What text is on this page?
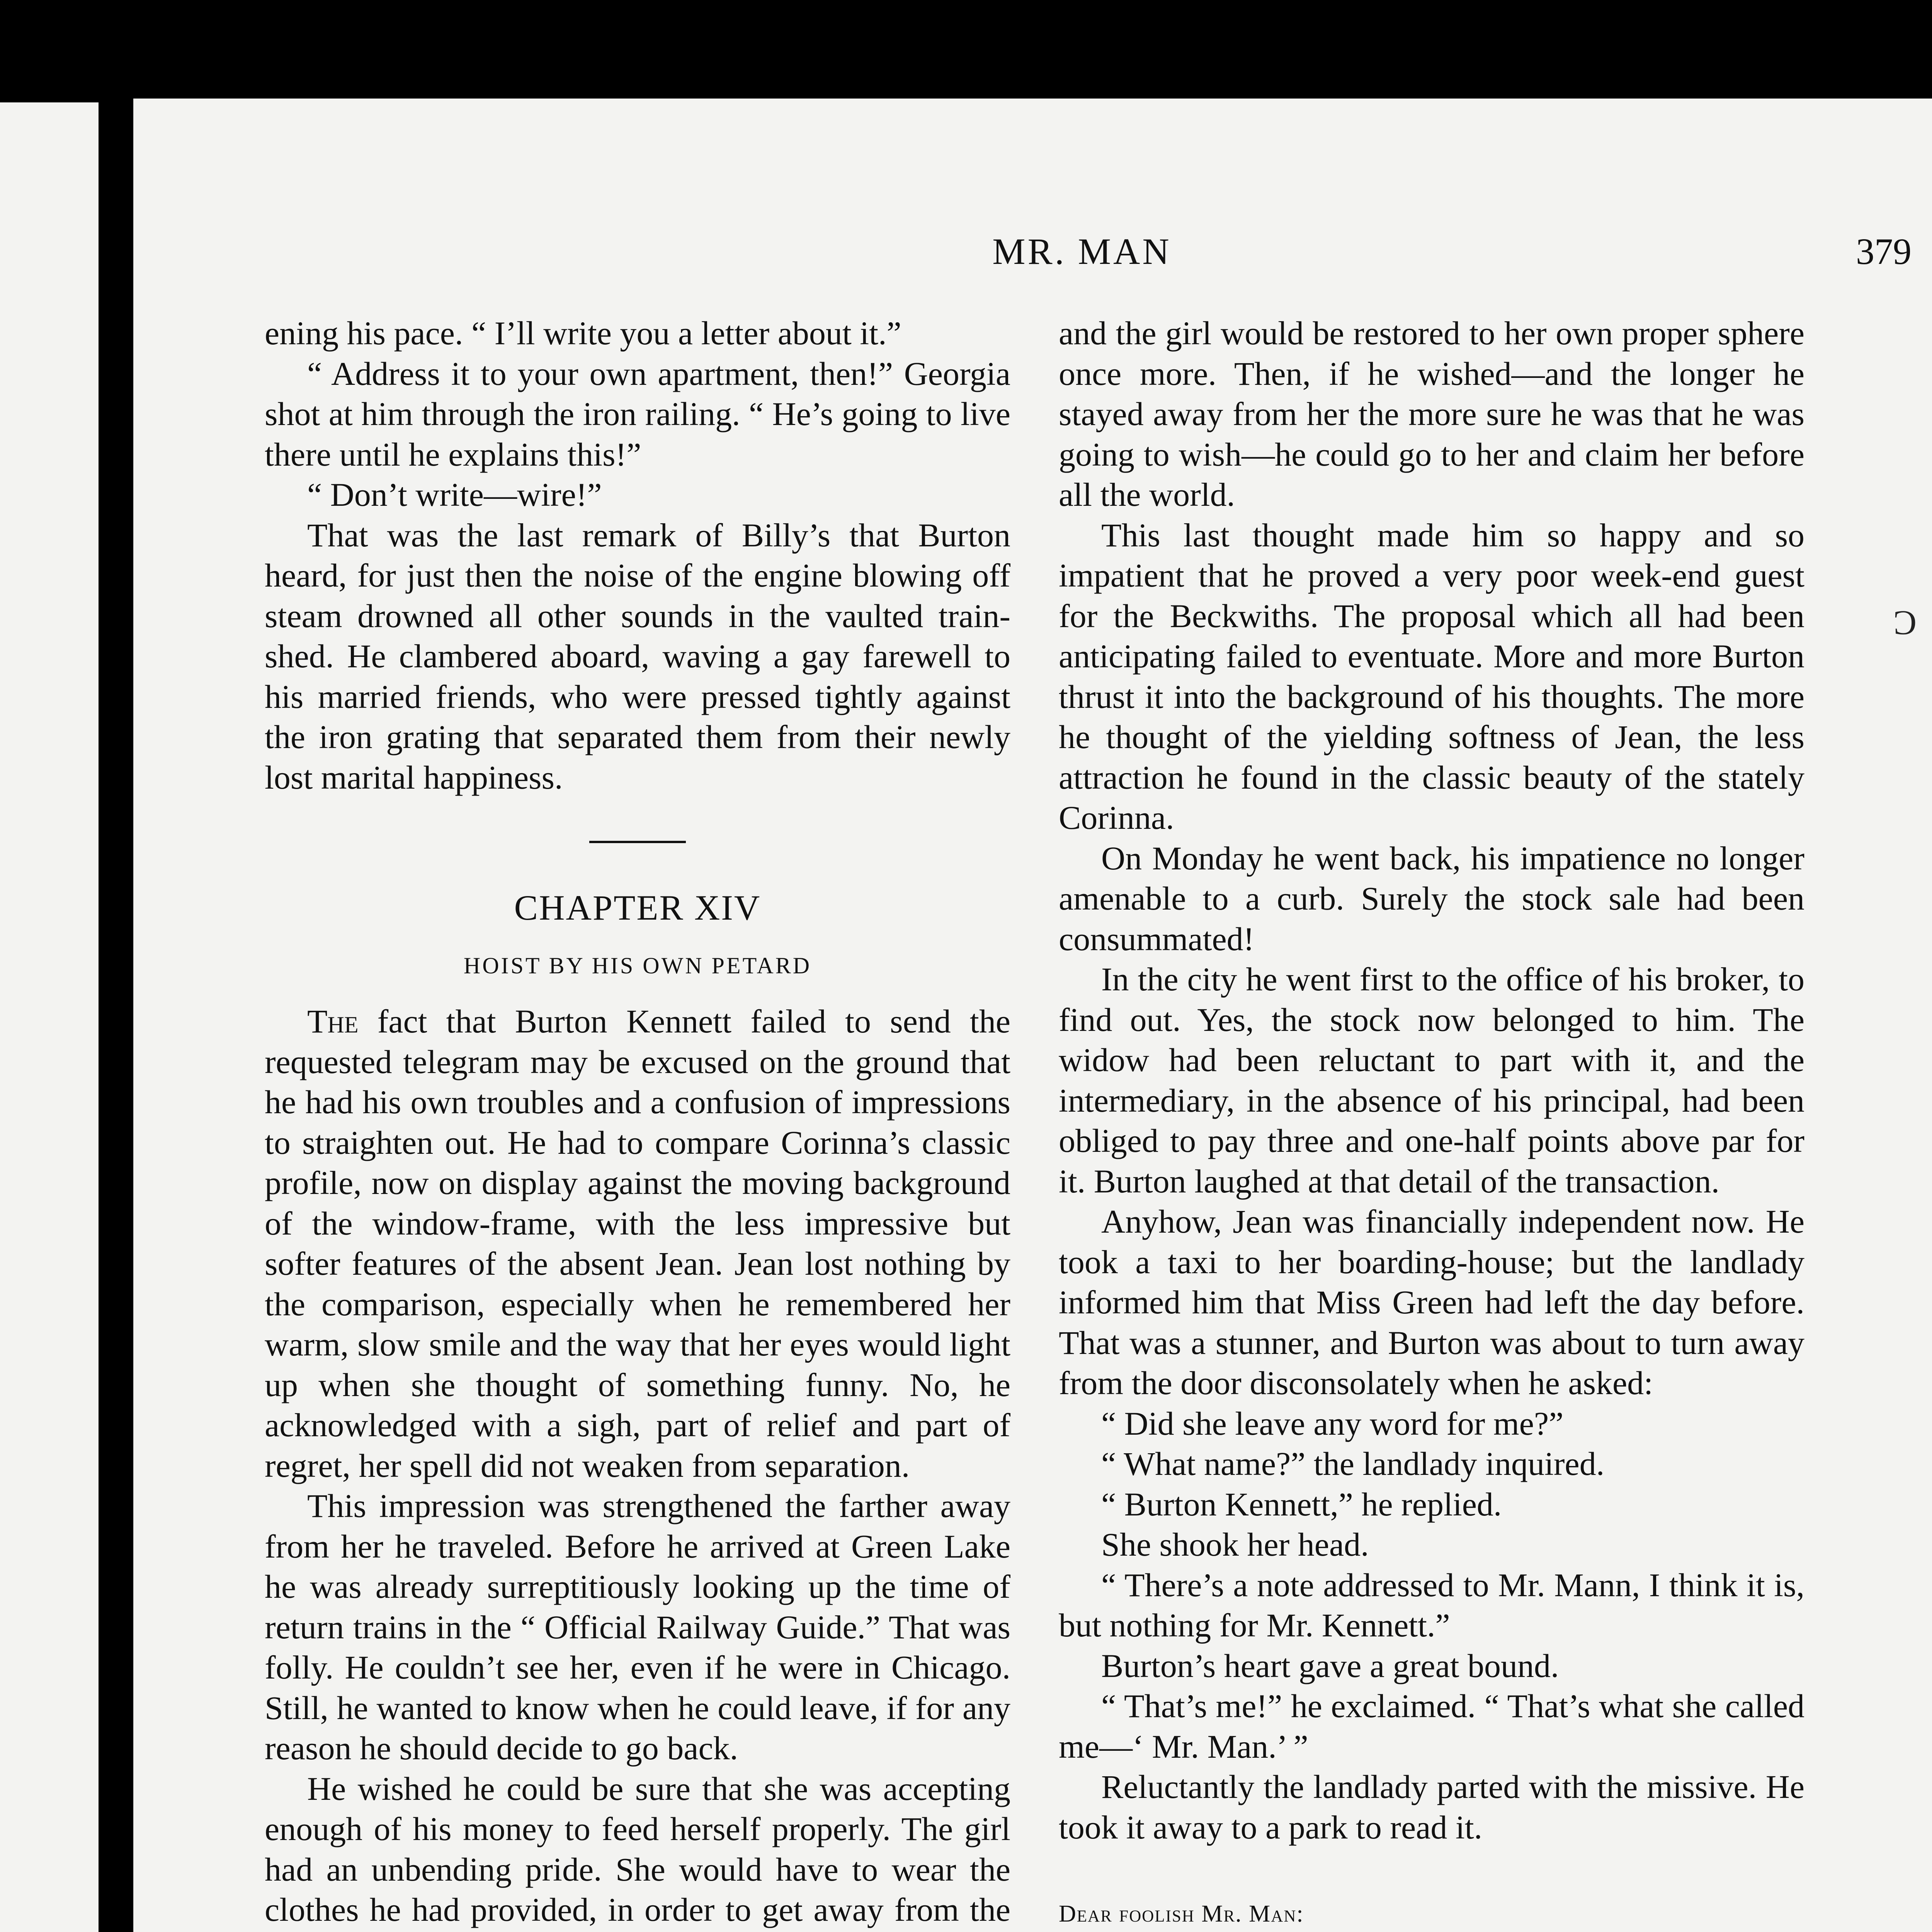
MR. MAN	379

ening his pace. “ I’ll write you a letter about it.”

“ Address it to your own apartment, then!” Georgia shot at him through the iron railing. “ He’s going to live there until he explains this!”

“ Don’t write—wire!”

That was the last remark of Billy’s that Burton heard, for just then the noise of the engine blowing off steam drowned all other sounds in the vaulted train-shed. He clambered aboard, waving a gay farewell to his married friends, who were pressed tightly against the iron grating that separated them from their newly lost marital happiness.

CHAPTER XIV
HOIST BY HIS OWN PETARD

The fact that Burton Kennett failed to send the requested telegram may be excused on the ground that he had his own troubles and a confusion of impressions to straighten out. He had to compare Corinna’s classic profile, now on display against the moving background of the window-frame, with the less impressive but softer features of the absent Jean. Jean lost nothing by the comparison, especially when he remembered her warm, slow smile and the way that her eyes would light up when she thought of something funny. No, he acknowledged with a sigh, part of relief and part of regret, her spell did not weaken from separation.

This impression was strengthened the farther away from her he traveled. Before he arrived at Green Lake he was already surreptitiously looking up the time of return trains in the “ Official Railway Guide.” That was folly. He couldn’t see her, even if he were in Chicago. Still, he wanted to know when he could leave, if for any reason he should decide to go back.

He wished he could be sure that she was accepting enough of his money to feed herself properly. The girl had an unbending pride. She would have to wear the clothes he had provided, in order to get away from the

and the girl would be restored to her own proper sphere once more. Then, if he wished—and the longer he stayed away from her the more sure he was that he was going to wish—he could go to her and claim her before all the world.

This last thought made him so happy and so impatient that he proved a very poor week-end guest for the Beckwiths. The proposal which all had been anticipating failed to eventuate. More and more Burton thrust it into the background of his thoughts. The more he thought of the yielding softness of Jean, the less attraction he found in the classic beauty of the stately Corinna.

On Monday he went back, his impatience no longer amenable to a curb. Surely the stock sale had been consummated!

In the city he went first to the office of his broker, to find out. Yes, the stock now belonged to him. The widow had been reluctant to part with it, and the intermediary, in the absence of his principal, had been obliged to pay three and one-half points above par for it. Burton laughed at that detail of the transaction.

Anyhow, Jean was financially independent now. He took a taxi to her boarding-house; but the landlady informed him that Miss Green had left the day before. That was a stunner, and Burton was about to turn away from the door disconsolately when he asked:

“ Did she leave any word for me?”

“ What name?” the landlady inquired.

“ Burton Kennett,” he replied.

She shook her head.

“ There’s a note addressed to Mr. Mann, I think it is, but nothing for Mr. Kennett.”

Burton’s heart gave a great bound.

“ That’s me!” he exclaimed. “ That’s what she called me—‘ Mr. Man.’ ”

Reluctantly the landlady parted with the missive. He took it away to a park to read it.

Dear foolish Mr. Man:

Ɔ
